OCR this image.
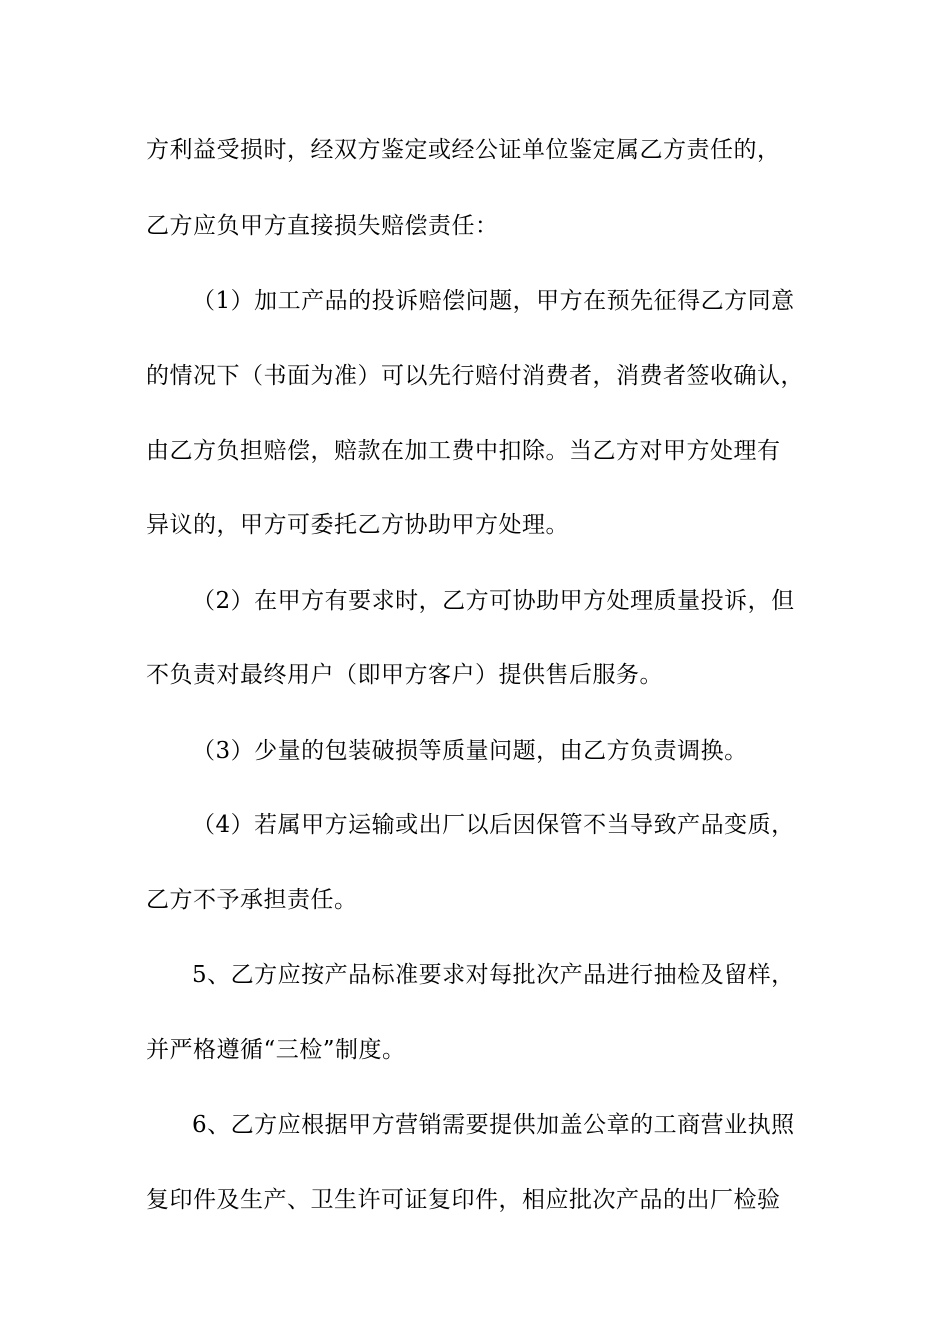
方利益受损时，经双方鉴定或经公证单位鉴定属乙方责任的，
乙方应负甲方直接损失赔偿责任：
（1）加工产品的投诉赔偿问题，甲方在预先征得乙方同意
的情况下（书面为准）可以先行赔付消费者，消费者签收确认，
由乙方负担赔偿，赔款在加工费中扣除。当乙方对甲方处理有
异议的，甲方可委托乙方协助甲方处理。
（2）在甲方有要求时，乙方可协助甲方处理质量投诉，但
不负责对最终用户（即甲方客户）提供售后服务。
（3）少量的包装破损等质量问题，由乙方负责调换。
（4）若属甲方运输或出厂以后因保管不当导致产品变质，
乙方不予承担责任。
5、乙方应按产品标准要求对每批次产品进行抽检及留样，
并严格遵循“三检”制度。
6、乙方应根据甲方营销需要提供加盖公章的工商营业执照
复印件及生产、卫生许可证复印件，相应批次产品的出厂检验
